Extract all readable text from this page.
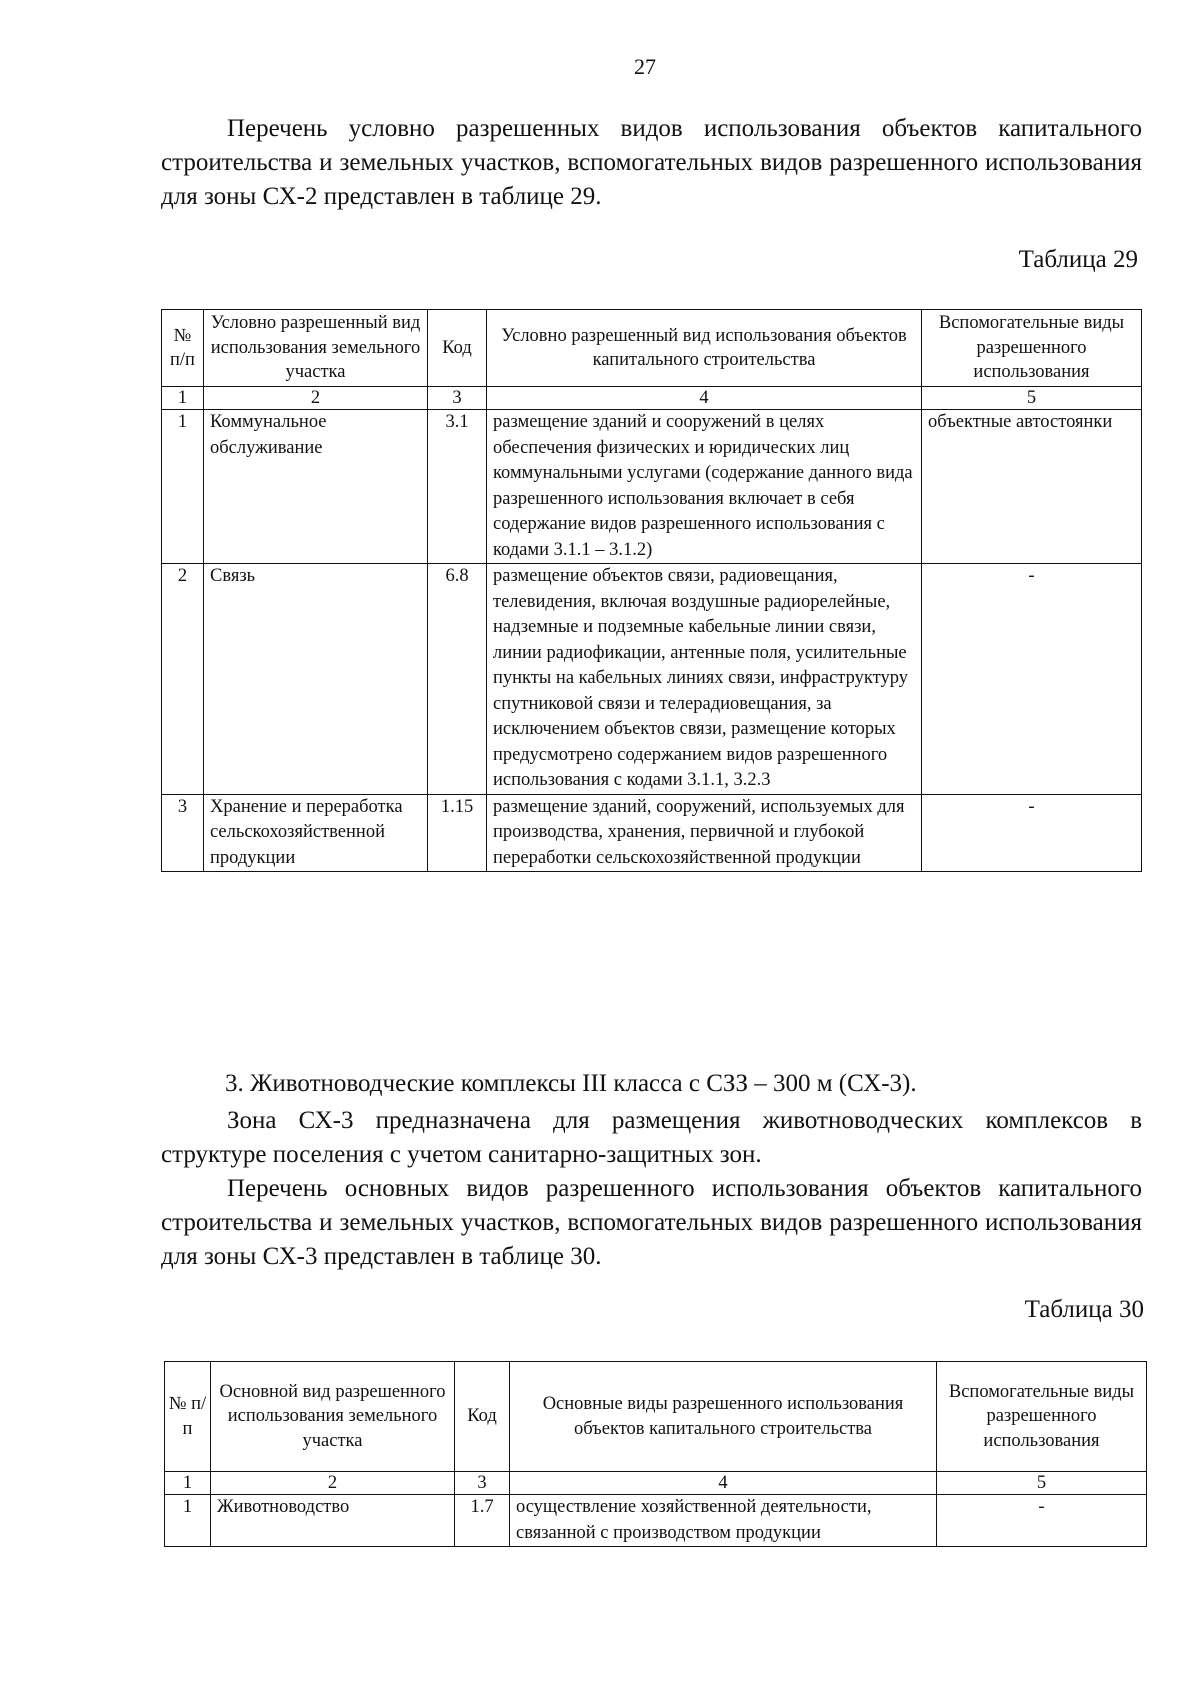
27
Перечень условно разрешенных видов использования объектов капитального строительства и земельных участков, вспомогательных видов разрешенного использования для зоны СХ-2 представлен в таблице 29.
Таблица 29
№ п/п	Условно разрешенный вид использования земельного участка	Код	Условно разрешенный вид использования объектов капитального строительства	Вспомогательные виды разрешенного использования
1	2	3	4	5
1	Коммунальное обслуживание	3.1	размещение зданий и сооружений в целях обеспечения физических и юридических лиц коммунальными услугами (содержание данного вида разрешенного использования включает в себя содержание видов разрешенного использования с кодами 3.1.1 – 3.1.2)	объектные автостоянки
2	Связь	6.8	размещение объектов связи, радиовещания, телевидения, включая воздушные радиорелейные, надземные и подземные кабельные линии связи, линии радиофикации, антенные поля, усилительные пункты на кабельных линиях связи, инфраструктуру спутниковой связи и телерадиовещания, за исключением объектов связи, размещение которых предусмотрено содержанием видов разрешенного использования с кодами 3.1.1, 3.2.3	-
3	Хранение и переработка сельскохозяйственной продукции	1.15	размещение зданий, сооружений, используемых для производства, хранения, первичной и глубокой переработки сельскохозяйственной продукции	-
3. Животноводческие комплексы III класса с СЗЗ – 300 м (СХ-3).
Зона СХ-3 предназначена для размещения животноводческих комплексов в структуре поселения с учетом санитарно-защитных зон.
Перечень основных видов разрешенного использования объектов капитального строительства и земельных участков, вспомогательных видов разрешенного использования для зоны СХ-3 представлен в таблице 30.
Таблица 30
№ п/п	Основной вид разрешенного использования земельного участка	Код	Основные виды разрешенного использования объектов капитального строительства	Вспомогательные виды разрешенного использования
1	2	3	4	5
1	Животноводство	1.7	осуществление хозяйственной деятельности, связанной с производством продукции	-
